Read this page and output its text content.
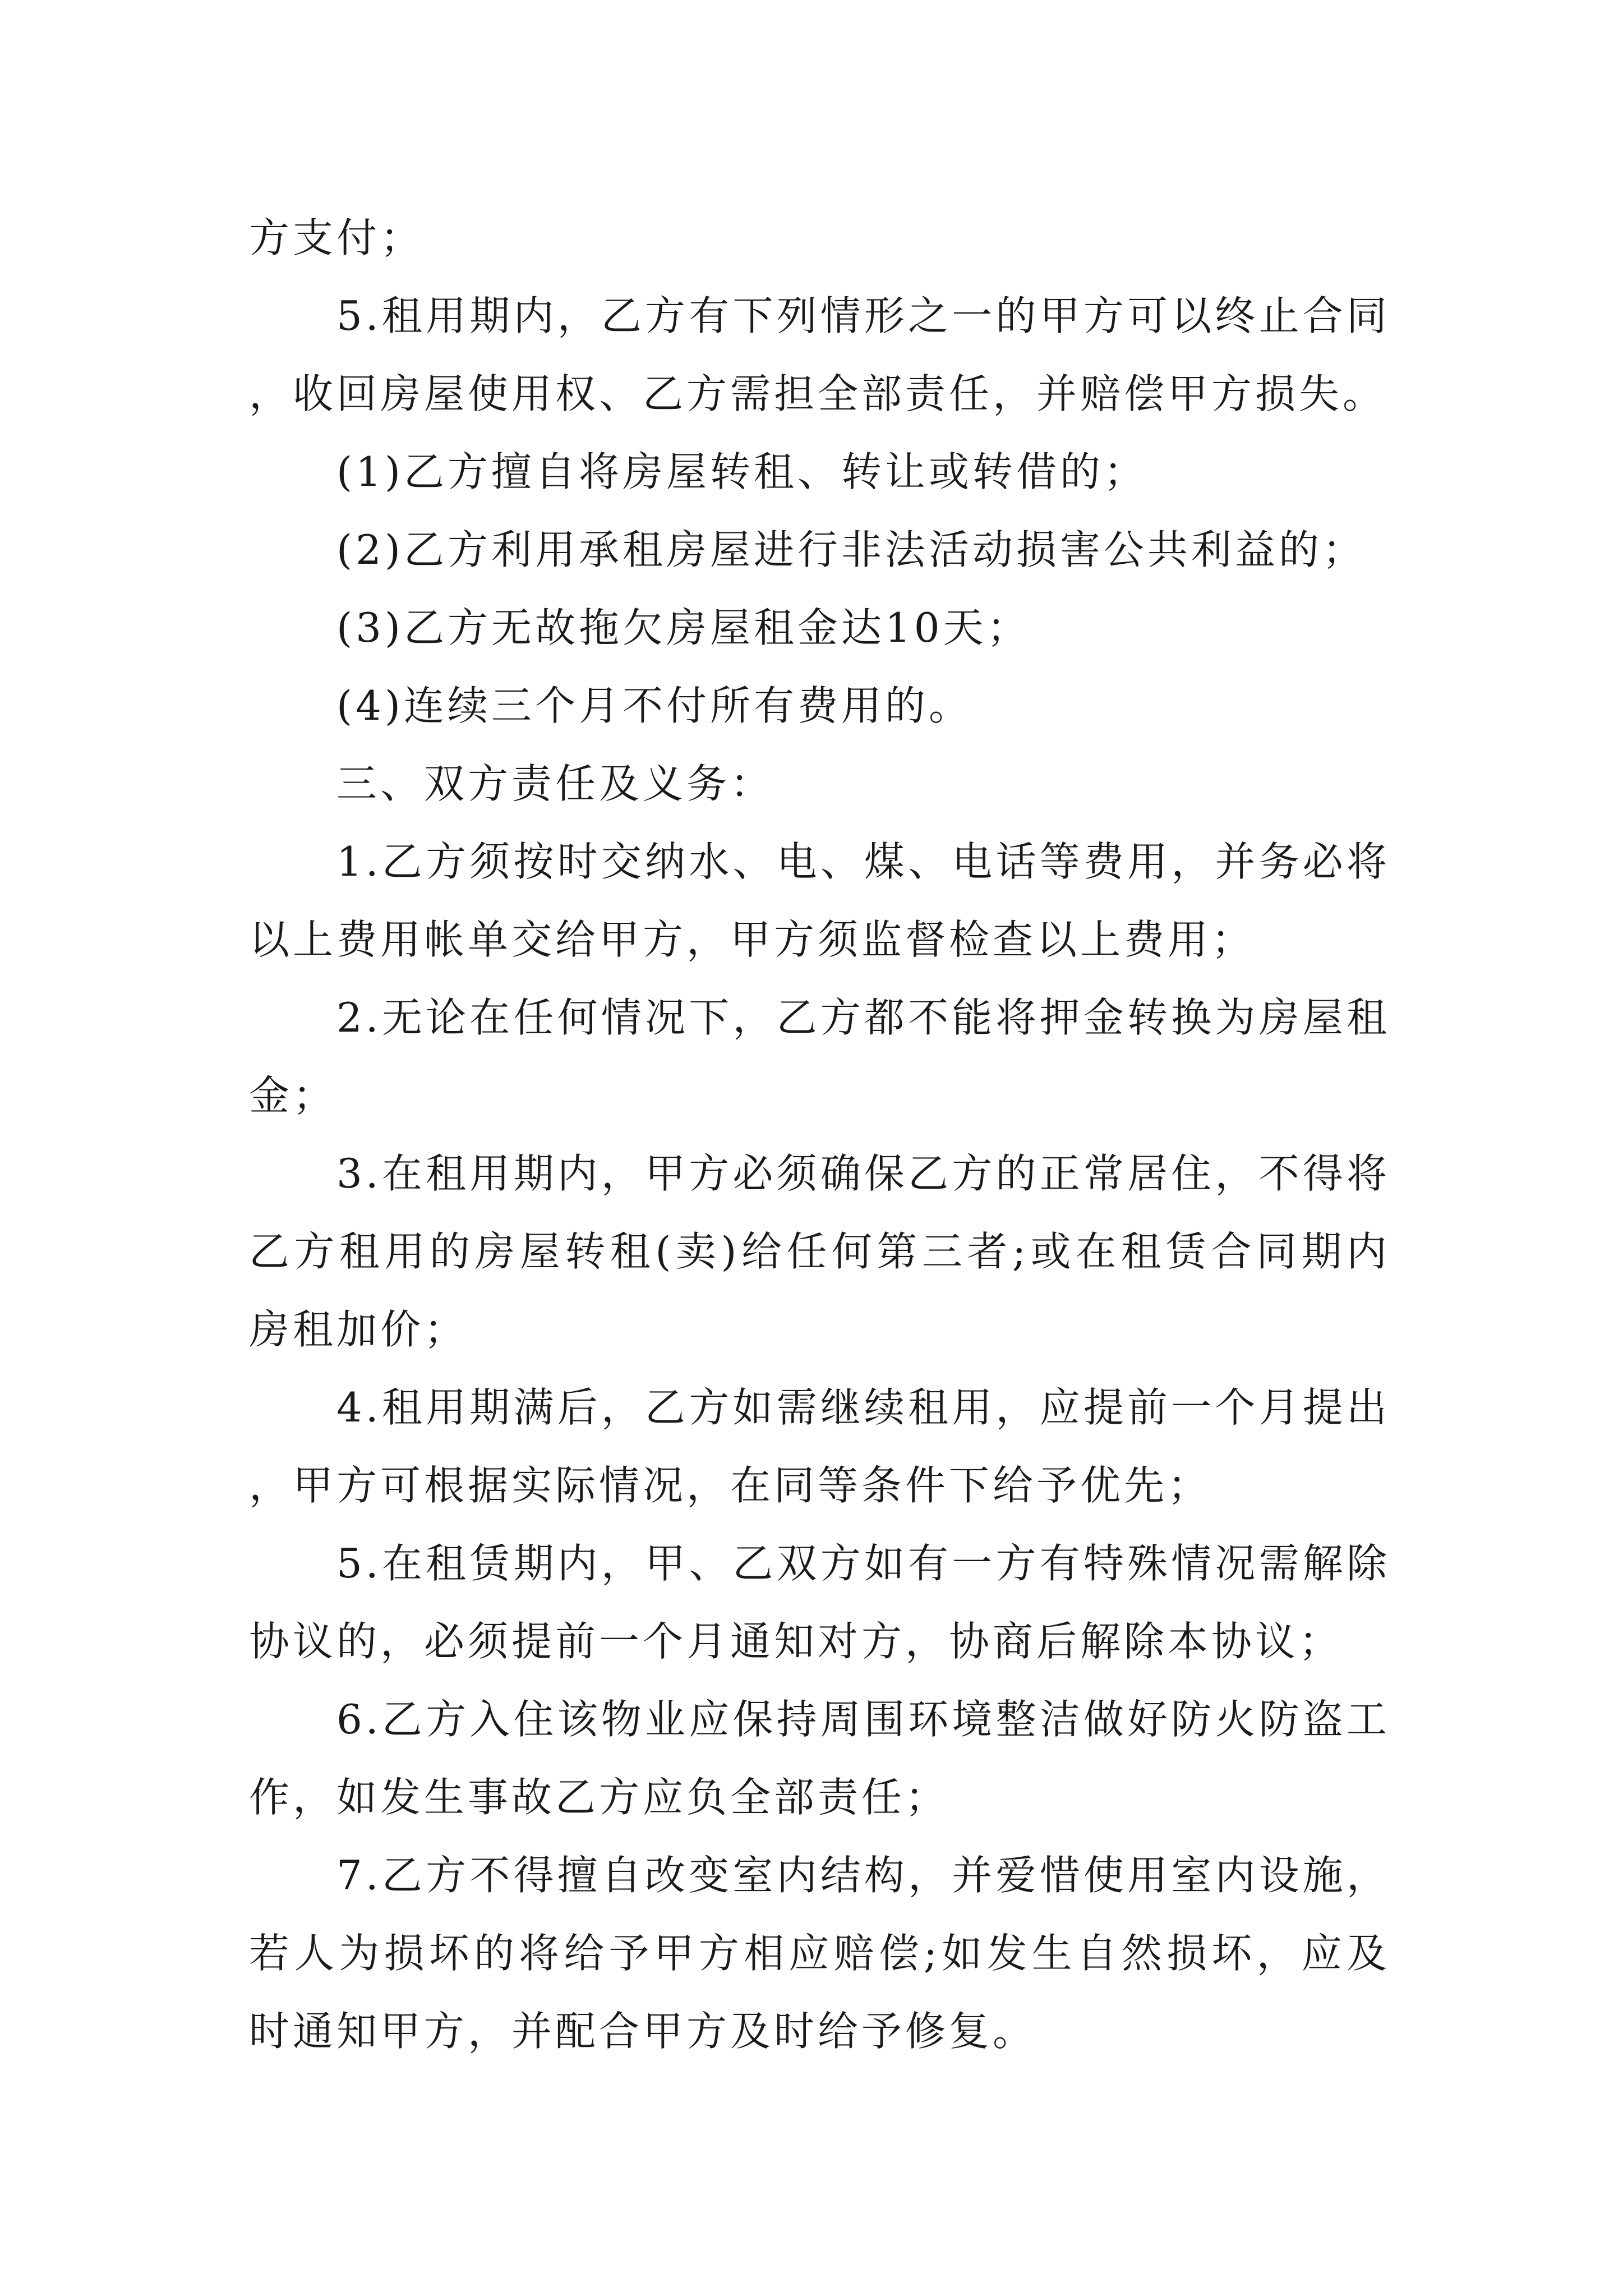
方支付；

5.租用期内，乙方有下列情形之一的甲方可以终止合同，收回房屋使用权、乙方需担全部责任，并赔偿甲方损失。

(1)乙方擅自将房屋转租、转让或转借的；

(2)乙方利用承租房屋进行非法活动损害公共利益的；

(3)乙方无故拖欠房屋租金达10天；

(4)连续三个月不付所有费用的。

三、双方责任及义务：

1.乙方须按时交纳水、电、煤、电话等费用，并务必将以上费用帐单交给甲方，甲方须监督检查以上费用；

2.无论在任何情况下，乙方都不能将押金转换为房屋租金；

3.在租用期内，甲方必须确保乙方的正常居住，不得将乙方租用的房屋转租(卖)给任何第三者;或在租赁合同期内房租加价；

4.租用期满后，乙方如需继续租用，应提前一个月提出，甲方可根据实际情况，在同等条件下给予优先；

5.在租赁期内，甲、乙双方如有一方有特殊情况需解除协议的，必须提前一个月通知对方，协商后解除本协议；

6.乙方入住该物业应保持周围环境整洁做好防火防盗工作，如发生事故乙方应负全部责任；

7.乙方不得擅自改变室内结构，并爱惜使用室内设施，若人为损坏的将给予甲方相应赔偿;如发生自然损坏，应及时通知甲方，并配合甲方及时给予修复。
